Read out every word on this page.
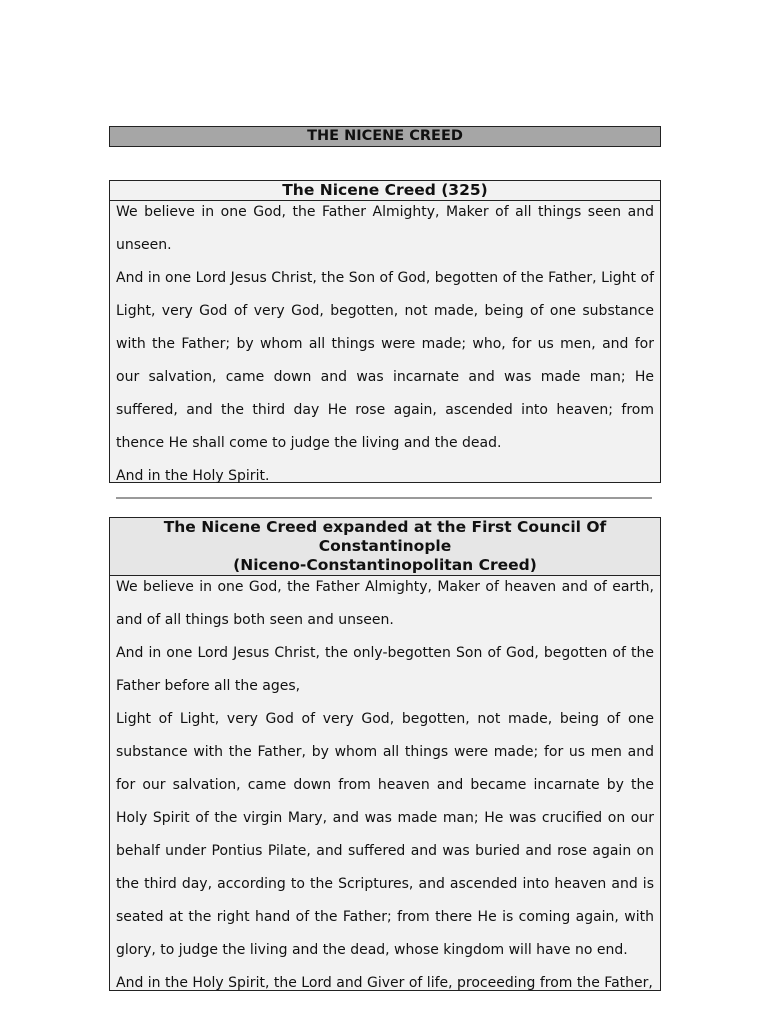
THE NICENE CREED
The Nicene Creed (325)

We believe in one God, the Father Almighty, Maker of all things seen and unseen.

And in one Lord Jesus Christ, the Son of God, begotten of the Father, Light of Light, very God of very God, begotten, not made, being of one substance with the Father; by whom all things were made; who, for us men, and for our salvation, came down and was incarnate and was made man; He suffered, and the third day He rose again, ascended into heaven; from thence He shall come to judge the living and the dead.

And in the Holy Spirit.

The Nicene Creed expanded at the First Council Of
Constantinople
(Niceno-Constantinopolitan Creed)

We believe in one God, the Father Almighty, Maker of heaven and of earth, and of all things both seen and unseen.

And in one Lord Jesus Christ, the only-begotten Son of God, begotten of the Father before all the ages,

Light of Light, very God of very God, begotten, not made, being of one substance with the Father, by whom all things were made; for us men and for our salvation, came down from heaven and became incarnate by the Holy Spirit of the virgin Mary, and was made man; He was crucified on our behalf under Pontius Pilate, and suffered and was buried and rose again on the third day, according to the Scriptures, and ascended into heaven and is seated at the right hand of the Father; from there He is coming again, with glory, to judge the living and the dead, whose kingdom will have no end.

And in the Holy Spirit, the Lord and Giver of life, proceeding from the Father,
